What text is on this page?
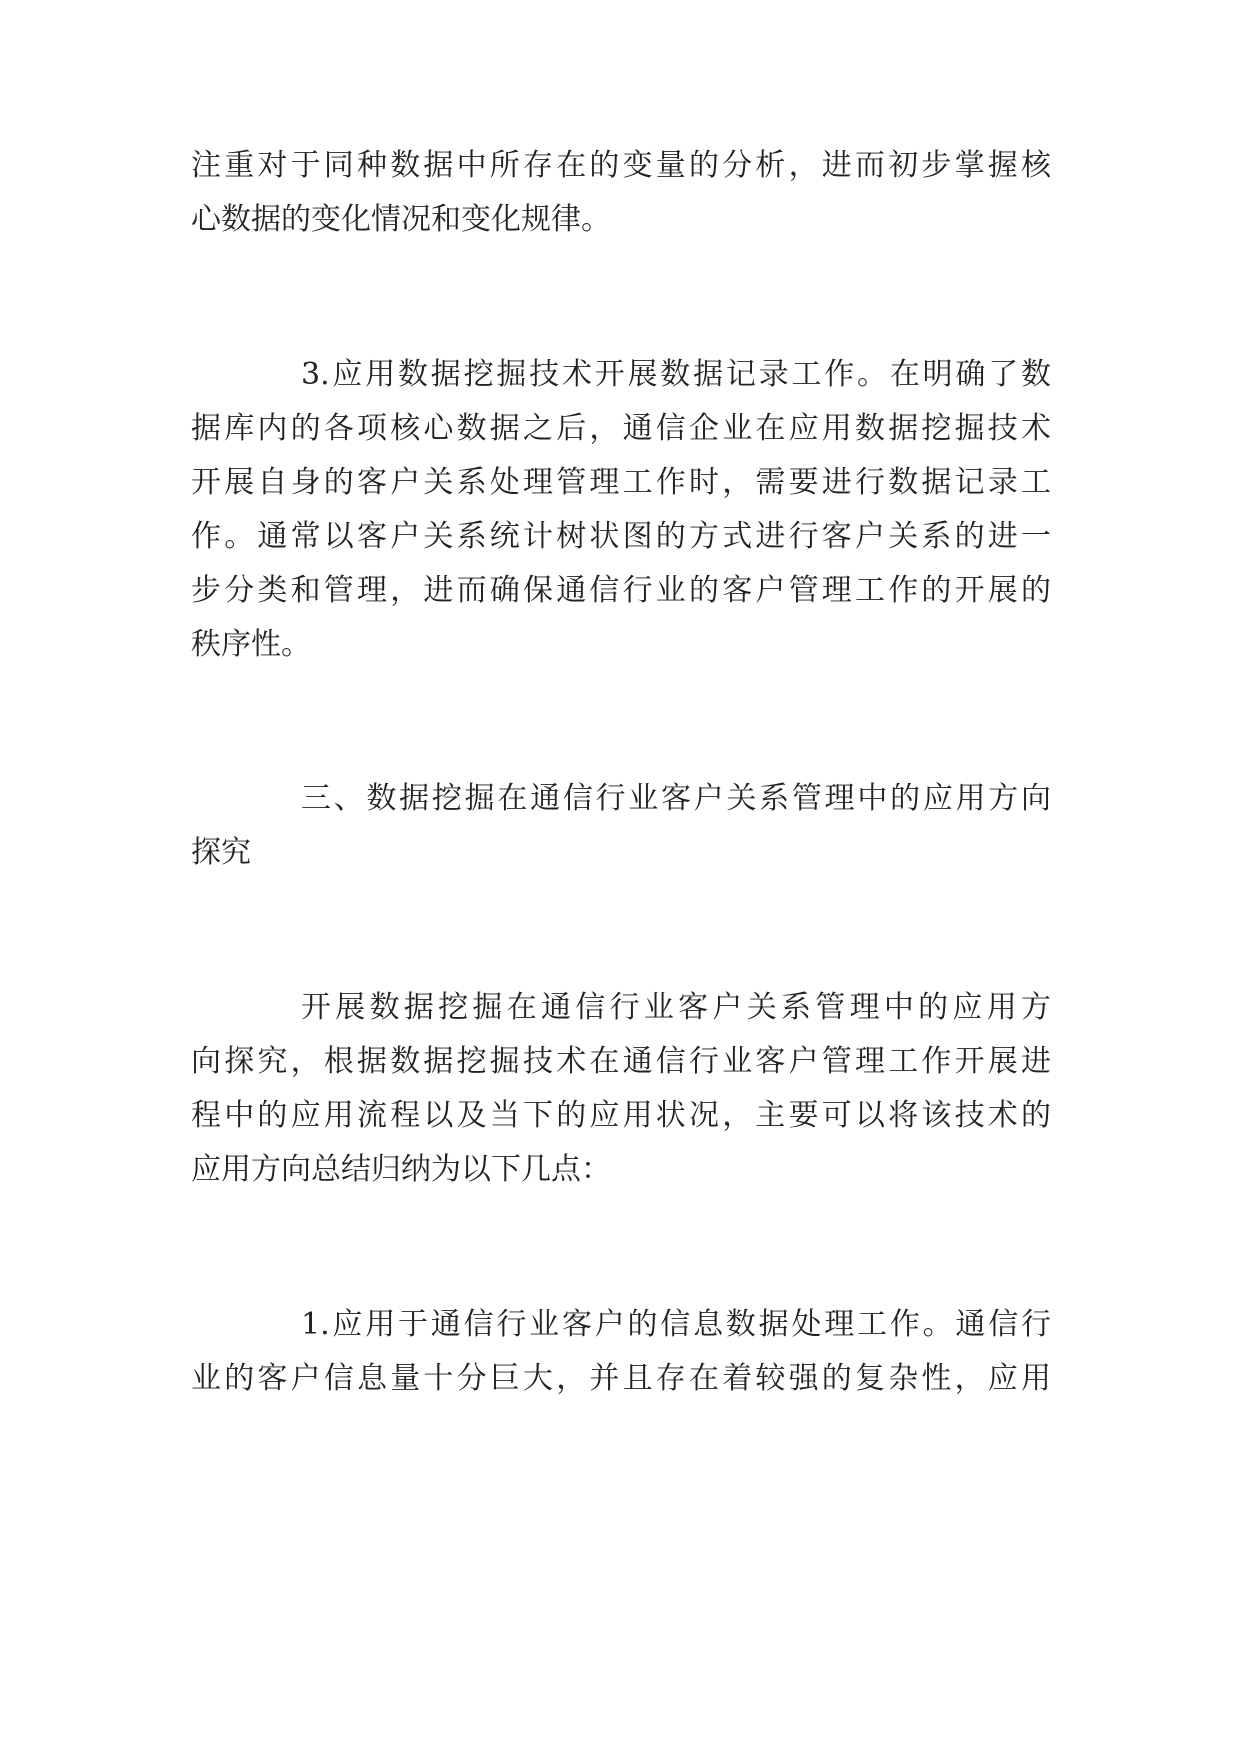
注重对于同种数据中所存在的变量的分析，进而初步掌握核
心数据的变化情况和变化规律。
3.应用数据挖掘技术开展数据记录工作。在明确了数
据库内的各项核心数据之后，通信企业在应用数据挖掘技术
开展自身的客户关系处理管理工作时，需要进行数据记录工
作。通常以客户关系统计树状图的方式进行客户关系的进一
步分类和管理，进而确保通信行业的客户管理工作的开展的
秩序性。
三、数据挖掘在通信行业客户关系管理中的应用方向
探究
开展数据挖掘在通信行业客户关系管理中的应用方
向探究，根据数据挖掘技术在通信行业客户管理工作开展进
程中的应用流程以及当下的应用状况，主要可以将该技术的
应用方向总结归纳为以下几点：
1.应用于通信行业客户的信息数据处理工作。通信行
业的客户信息量十分巨大，并且存在着较强的复杂性，应用
